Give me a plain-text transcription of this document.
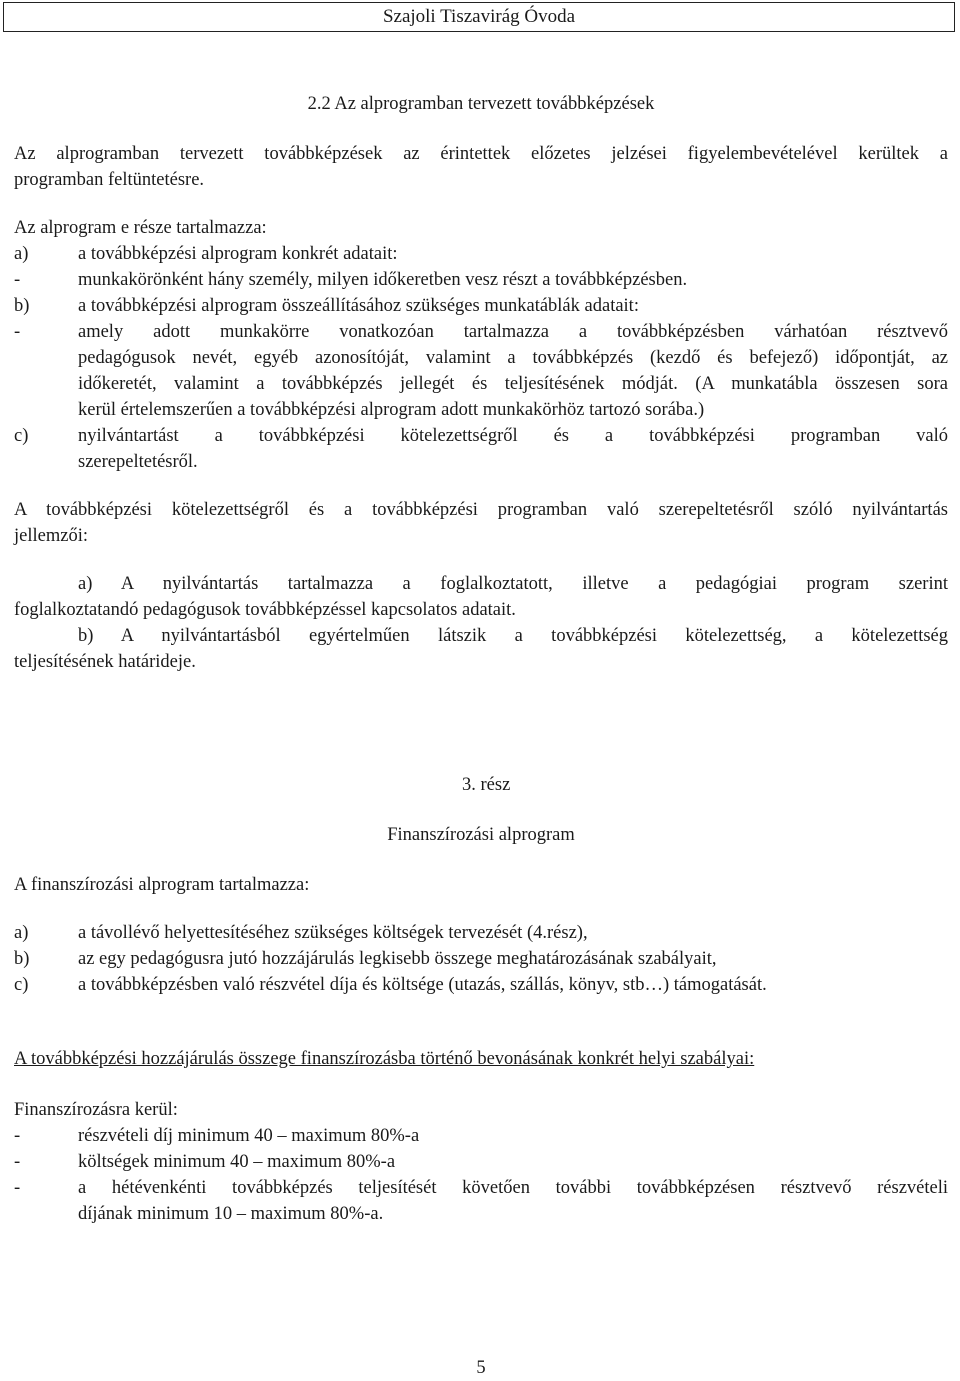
Szajoli Tiszavirág Óvoda
2.2 Az alprogramban tervezett továbbképzések
Az alprogramban tervezett továbbképzések az érintettek előzetes jelzései figyelembevételével kerültek a
programban feltüntetésre.
Az alprogram e része tartalmazza:
a)	a továbbképzési alprogram konkrét adatait:
-	munkakörönként hány személy, milyen időkeretben vesz részt a továbbképzésben.
b)	a továbbképzési alprogram összeállításához szükséges munkatáblák adatait:
-	amely adott munkakörre vonatkozóan tartalmazza a továbbképzésben várhatóan résztvevő
pedagógusok nevét, egyéb azonosítóját, valamint a továbbképzés (kezdő és befejező) időpontját, az
időkeretét, valamint a továbbképzés jellegét és teljesítésének módját. (A munkatábla összesen sora
kerül értelemszerűen a továbbképzési alprogram adott munkakörhöz tartozó sorába.)
c)	nyilvántartást a továbbképzési kötelezettségről és a továbbképzési programban való
szerepeltetésről.
A továbbképzési kötelezettségről és a továbbképzési programban való szerepeltetésről szóló nyilvántartás
jellemzői:
a) A nyilvántartás tartalmazza a foglalkoztatott, illetve a pedagógiai program szerint
foglalkoztatandó pedagógusok továbbképzéssel kapcsolatos adatait.
b) A nyilvántartásból egyértelműen látszik a továbbképzési kötelezettség, a kötelezettség
teljesítésének határideje.
3. rész
Finanszírozási alprogram
A finanszírozási alprogram tartalmazza:
a)	a távollévő helyettesítéséhez szükséges költségek tervezését (4.rész),
b)	az egy pedagógusra jutó hozzájárulás legkisebb összege meghatározásának szabályait,
c)	a továbbképzésben való részvétel díja és költsége (utazás, szállás, könyv, stb…) támogatását.
A továbbképzési hozzájárulás összege finanszírozásba történő bevonásának konkrét helyi szabályai:
Finanszírozásra kerül:
-	részvételi díj minimum 40 – maximum 80%-a
-	költségek minimum 40 – maximum 80%-a
-	a hétévenkénti továbbképzés teljesítését követően további továbbképzésen résztvevő részvételi
díjának minimum 10 – maximum 80%-a.
5
